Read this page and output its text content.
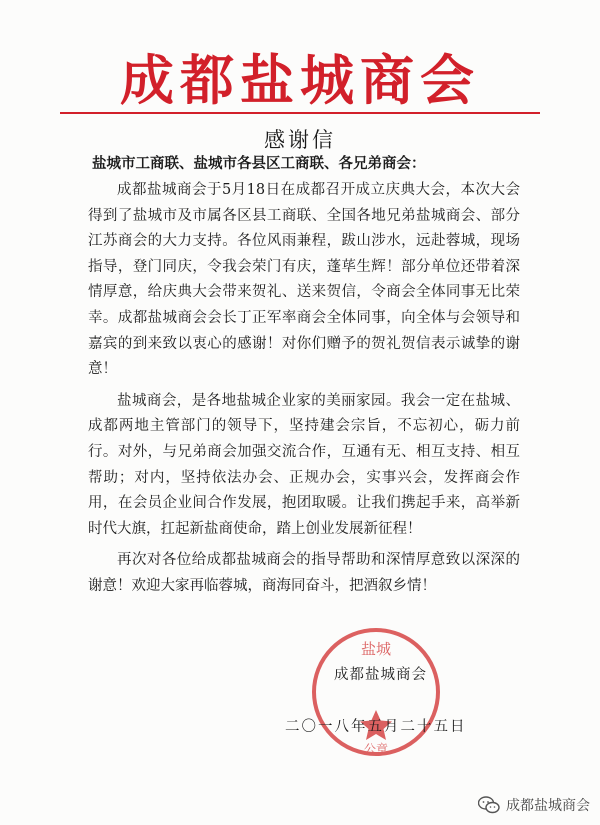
成都盐城商会
感谢信
盐城市工商联、盐城市各县区工商联、各兄弟商会：

成都盐城商会于5月18日在成都召开成立庆典大会，本次大会得到了盐城市及市属各区县工商联、全国各地兄弟盐城商会、部分江苏商会的大力支持。各位风雨兼程，跋山涉水，远赴蓉城，现场指导，登门同庆，令我会荣门有庆，蓬荜生辉！部分单位还带着深情厚意，给庆典大会带来贺礼、送来贺信，令商会全体同事无比荣幸。成都盐城商会会长丁正军率商会全体同事，向全体与会领导和嘉宾的到来致以衷心的感谢！对你们赠予的贺礼贺信表示诚挚的谢意！

盐城商会，是各地盐城企业家的美丽家园。我会一定在盐城、成都两地主管部门的领导下，坚持建会宗旨，不忘初心，砺力前行。对外，与兄弟商会加强交流合作，互通有无、相互支持、相互帮助；对内，坚持依法办会、正规办会，实事兴会，发挥商会作用，在会员企业间合作发展，抱团取暖。让我们携起手来，高举新时代大旗，扛起新盐商使命，踏上创业发展新征程！

再次对各位给成都盐城商会的指导帮助和深情厚意致以深深的谢意！欢迎大家再临蓉城，商海同奋斗，把酒叙乡情！

盐城
公章
成都盐城商会
二〇一八年五月二十五日
成都盐城商会
